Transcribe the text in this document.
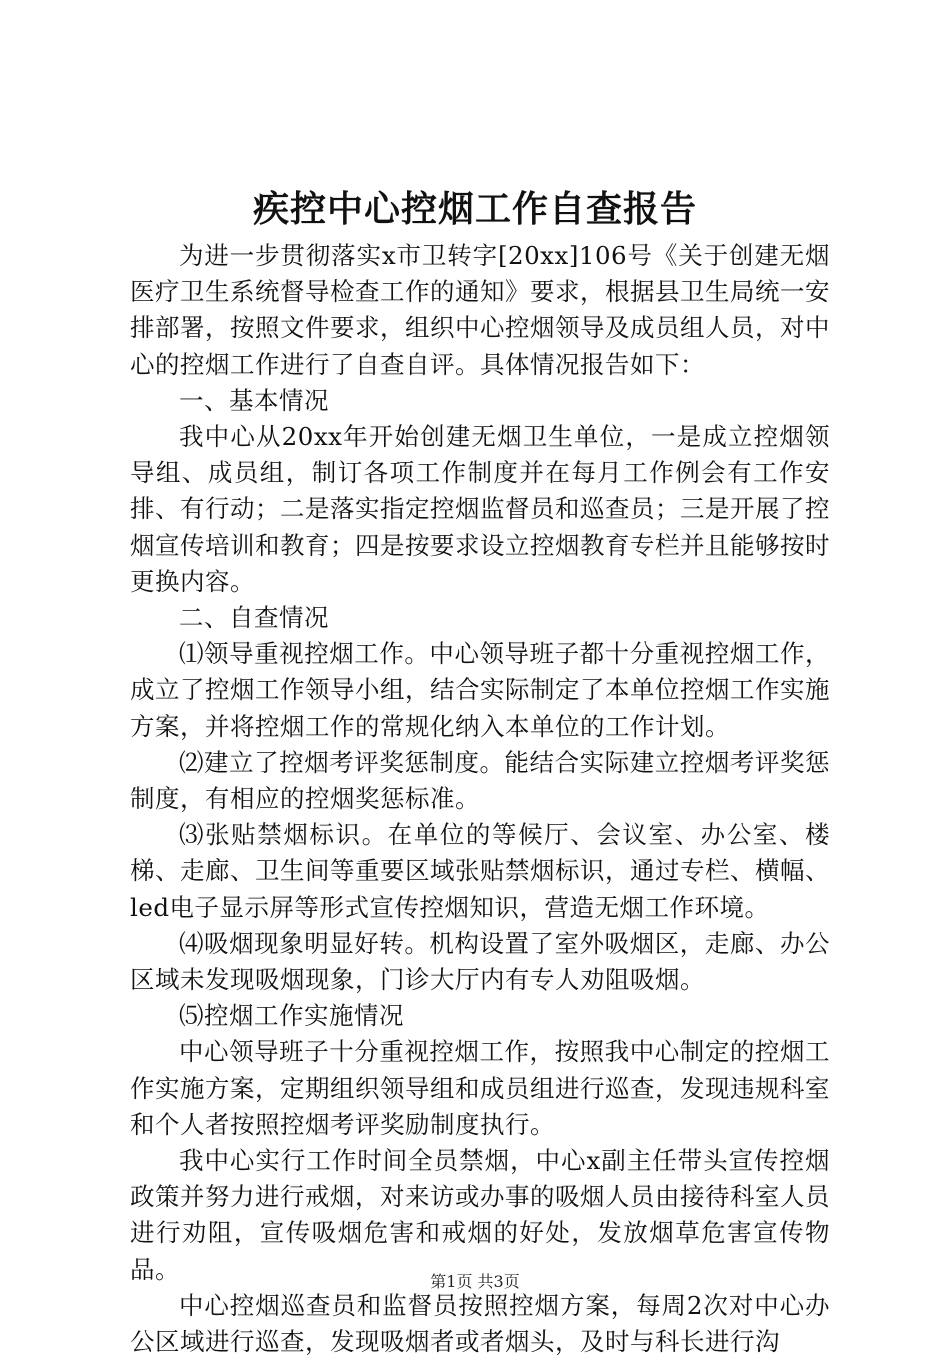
疾控中心控烟工作自查报告

为进一步贯彻落实x市卫转字[20xx]106号《关于创建无烟医疗卫生系统督导检查工作的通知》要求，根据县卫生局统一安排部署，按照文件要求，组织中心控烟领导及成员组人员，对中心的控烟工作进行了自查自评。具体情况报告如下：

一、基本情况

我中心从20xx年开始创建无烟卫生单位，一是成立控烟领导组、成员组，制订各项工作制度并在每月工作例会有工作安排、有行动；二是落实指定控烟监督员和巡查员；三是开展了控烟宣传培训和教育；四是按要求设立控烟教育专栏并且能够按时更换内容。

二、自查情况

⑴领导重视控烟工作。中心领导班子都十分重视控烟工作，成立了控烟工作领导小组，结合实际制定了本单位控烟工作实施方案，并将控烟工作的常规化纳入本单位的工作计划。

⑵建立了控烟考评奖惩制度。能结合实际建立控烟考评奖惩制度，有相应的控烟奖惩标准。

⑶张贴禁烟标识。在单位的等候厅、会议室、办公室、楼梯、走廊、卫生间等重要区域张贴禁烟标识，通过专栏、横幅、led电子显示屏等形式宣传控烟知识，营造无烟工作环境。

⑷吸烟现象明显好转。机构设置了室外吸烟区，走廊、办公区域未发现吸烟现象，门诊大厅内有专人劝阻吸烟。

⑸控烟工作实施情况

中心领导班子十分重视控烟工作，按照我中心制定的控烟工作实施方案，定期组织领导组和成员组进行巡查，发现违规科室和个人者按照控烟考评奖励制度执行。

我中心实行工作时间全员禁烟，中心x副主任带头宣传控烟政策并努力进行戒烟，对来访或办事的吸烟人员由接待科室人员进行劝阻，宣传吸烟危害和戒烟的好处，发放烟草危害宣传物品。

中心控烟巡查员和监督员按照控烟方案，每周2次对中心办公区域进行巡查，发现吸烟者或者烟头，及时与科长进行沟

第1页 共3页
